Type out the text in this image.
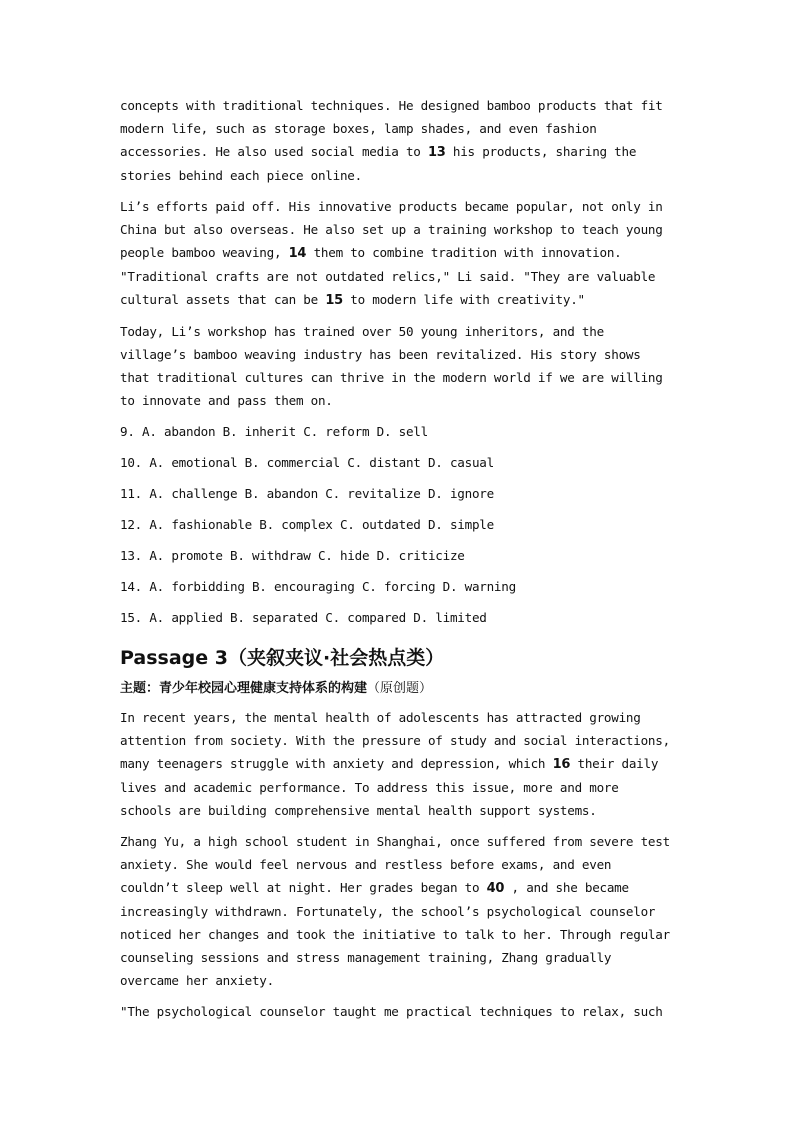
concepts with traditional techniques. He designed bamboo products that fit
modern life, such as storage boxes, lamp shades, and even fashion
accessories. He also used social media to 13 his products, sharing the
stories behind each piece online.

Li’s efforts paid off. His innovative products became popular, not only in
China but also overseas. He also set up a training workshop to teach young
people bamboo weaving, 14 them to combine tradition with innovation.
"Traditional crafts are not outdated relics," Li said. "They are valuable
cultural assets that can be 15 to modern life with creativity."

Today, Li’s workshop has trained over 50 young inheritors, and the
village’s bamboo weaving industry has been revitalized. His story shows
that traditional cultures can thrive in the modern world if we are willing
to innovate and pass them on.

9. A. abandon B. inherit C. reform D. sell

10. A. emotional B. commercial C. distant D. casual

11. A. challenge B. abandon C. revitalize D. ignore

12. A. fashionable B. complex C. outdated D. simple

13. A. promote B. withdraw C. hide D. criticize

14. A. forbidding B. encouraging C. forcing D. warning

15. A. applied B. separated C. compared D. limited

Passage 3（夹叙夹议·社会热点类）

主题：青少年校园心理健康支持体系的构建（原创题）

In recent years, the mental health of adolescents has attracted growing
attention from society. With the pressure of study and social interactions,
many teenagers struggle with anxiety and depression, which 16 their daily
lives and academic performance. To address this issue, more and more
schools are building comprehensive mental health support systems.

Zhang Yu, a high school student in Shanghai, once suffered from severe test
anxiety. She would feel nervous and restless before exams, and even
couldn’t sleep well at night. Her grades began to 40 , and she became
increasingly withdrawn. Fortunately, the school’s psychological counselor
noticed her changes and took the initiative to talk to her. Through regular
counseling sessions and stress management training, Zhang gradually
overcame her anxiety.

"The psychological counselor taught me practical techniques to relax, such
